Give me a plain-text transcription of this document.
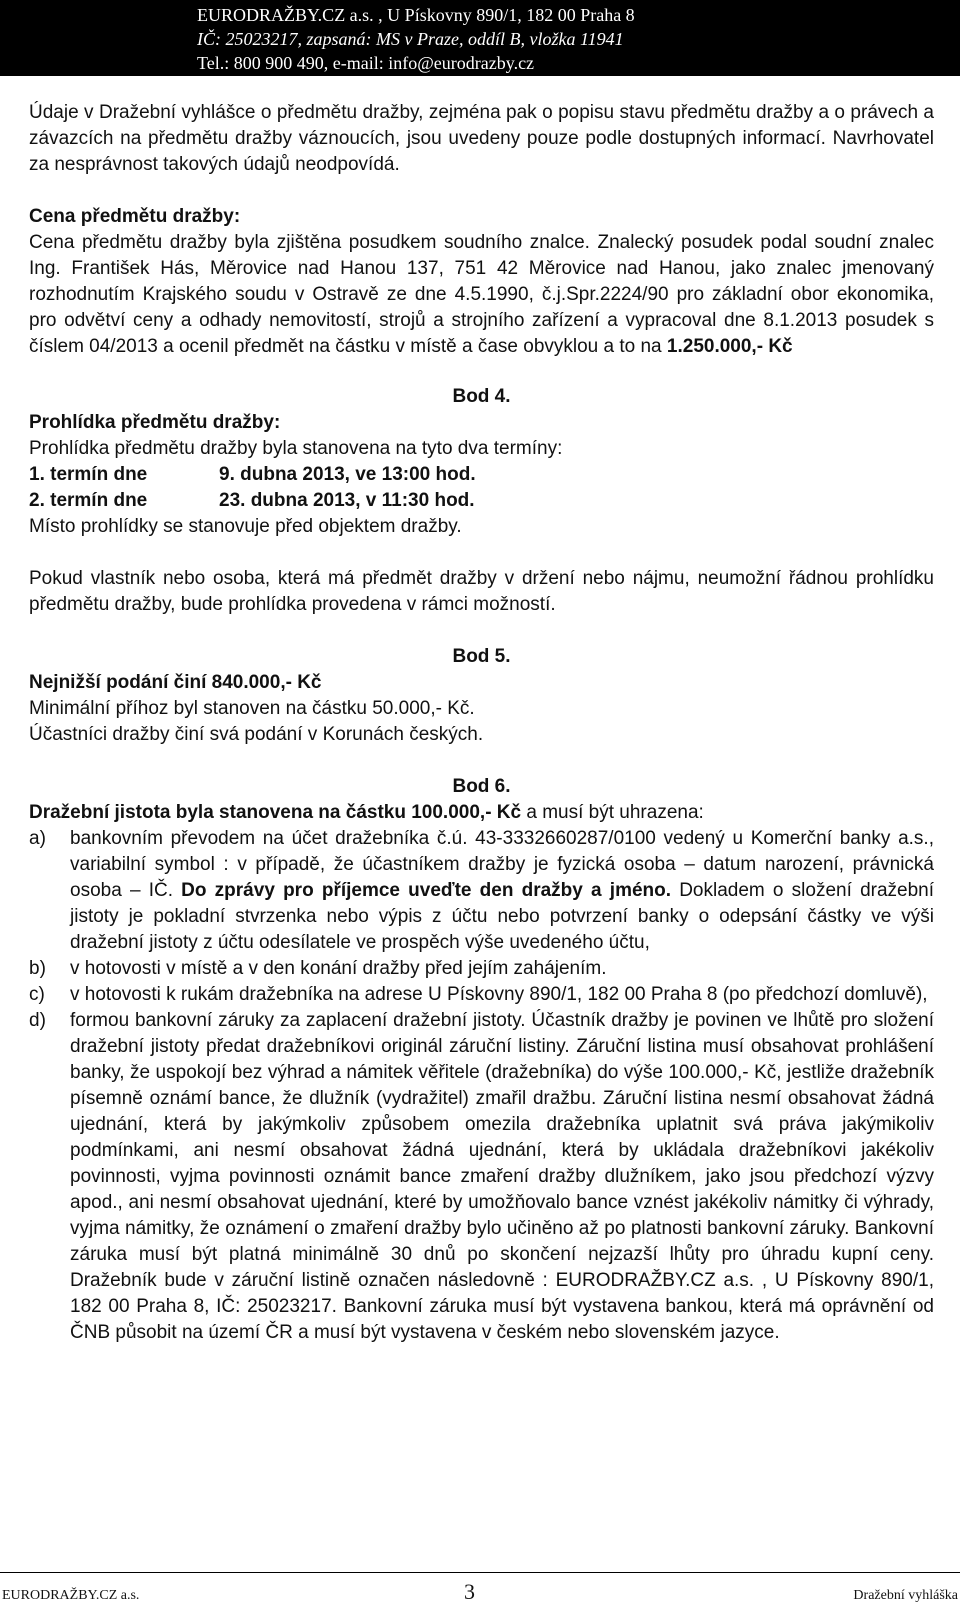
EURODRAŽBY.CZ a.s. , U Pískovny 890/1, 182 00 Praha 8
IČ: 25023217, zapsaná: MS v Praze, oddíl B, vložka 11941
Tel.: 800 900 490, e-mail: info@eurodrazby.cz

Údaje v Dražební vyhlášce o předmětu dražby, zejména pak o popisu stavu předmětu dražby a o právech a závazcích na předmětu dražby váznoucích, jsou uvedeny pouze podle dostupných informací. Navrhovatel za nesprávnost takových údajů neodpovídá.

Cena předmětu dražby:

Cena předmětu dražby byla zjištěna posudkem soudního znalce. Znalecký posudek podal soudní znalec Ing. František Hás, Měrovice nad Hanou 137, 751 42 Měrovice nad Hanou, jako znalec jmenovaný rozhodnutím Krajského soudu v Ostravě ze dne 4.5.1990, č.j.Spr.2224/90 pro základní obor ekonomika, pro odvětví ceny a odhady nemovitostí, strojů a strojního zařízení a vypracoval dne 8.1.2013 posudek s číslem 04/2013 a ocenil předmět na částku v místě a čase obvyklou a to na 1.250.000,- Kč

Bod 4.

Prohlídka předmětu dražby:

Prohlídka předmětu dražby byla stanovena na tyto dva termíny:

1. termín dne	9. dubna 2013, ve 13:00 hod.
2. termín dne	23. dubna 2013, v 11:30 hod.

Místo prohlídky se stanovuje před objektem dražby.

Pokud vlastník nebo osoba, která má předmět dražby v držení nebo nájmu, neumožní řádnou prohlídku předmětu dražby, bude prohlídka provedena v rámci možností.

Bod 5.

Nejnižší podání činí 840.000,- Kč

Minimální příhoz byl stanoven na částku 50.000,- Kč.

Účastníci dražby činí svá podání v Korunách českých.

Bod 6.

Dražební jistota byla stanovena na částku 100.000,- Kč a musí být uhrazena:

a) bankovním převodem na účet dražebníka č.ú. 43-3332660287/0100 vedený u Komerční banky a.s., variabilní symbol : v případě, že účastníkem dražby je fyzická osoba – datum narození, právnická osoba – IČ. Do zprávy pro příjemce uveďte den dražby a jméno. Dokladem o složení dražební jistoty je pokladní stvrzenka nebo výpis z účtu nebo potvrzení banky o odepsání částky ve výši dražební jistoty z účtu odesílatele ve prospěch výše uvedeného účtu,
b) v hotovosti v místě a v den konání dražby před jejím zahájením.
c) v hotovosti k rukám dražebníka na adrese U Pískovny 890/1, 182 00 Praha 8 (po předchozí domluvě),
d) formou bankovní záruky za zaplacení dražební jistoty. Účastník dražby je povinen ve lhůtě pro složení dražební jistoty předat dražebníkovi originál záruční listiny. Záruční listina musí obsahovat prohlášení banky, že uspokojí bez výhrad a námitek věřitele (dražebníka) do výše 100.000,- Kč, jestliže dražebník písemně oznámí bance, že dlužník (vydražitel) zmařil dražbu. Záruční listina nesmí obsahovat žádná ujednání, která by jakýmkoliv způsobem omezila dražebníka uplatnit svá práva jakýmikoliv podmínkami, ani nesmí obsahovat žádná ujednání, která by ukládala dražebníkovi jakékoliv povinnosti, vyjma povinnosti oznámit bance zmaření dražby dlužníkem, jako jsou předchozí výzvy apod., ani nesmí obsahovat ujednání, které by umožňovalo bance vznést jakékoliv námitky či výhrady, vyjma námitky, že oznámení o zmaření dražby bylo učiněno až po platnosti bankovní záruky. Bankovní záruka musí být platná minimálně 30 dnů po skončení nejzazší lhůty pro úhradu kupní ceny. Dražebník bude v záruční listině označen následovně : EURODRAŽBY.CZ a.s. , U Pískovny 890/1, 182 00 Praha 8, IČ: 25023217. Bankovní záruka musí být vystavena bankou, která má oprávnění od ČNB působit na území ČR a musí být vystavena v českém nebo slovenském jazyce.
EURODRAŽBY.CZ a.s.	3	Dražební vyhláška
